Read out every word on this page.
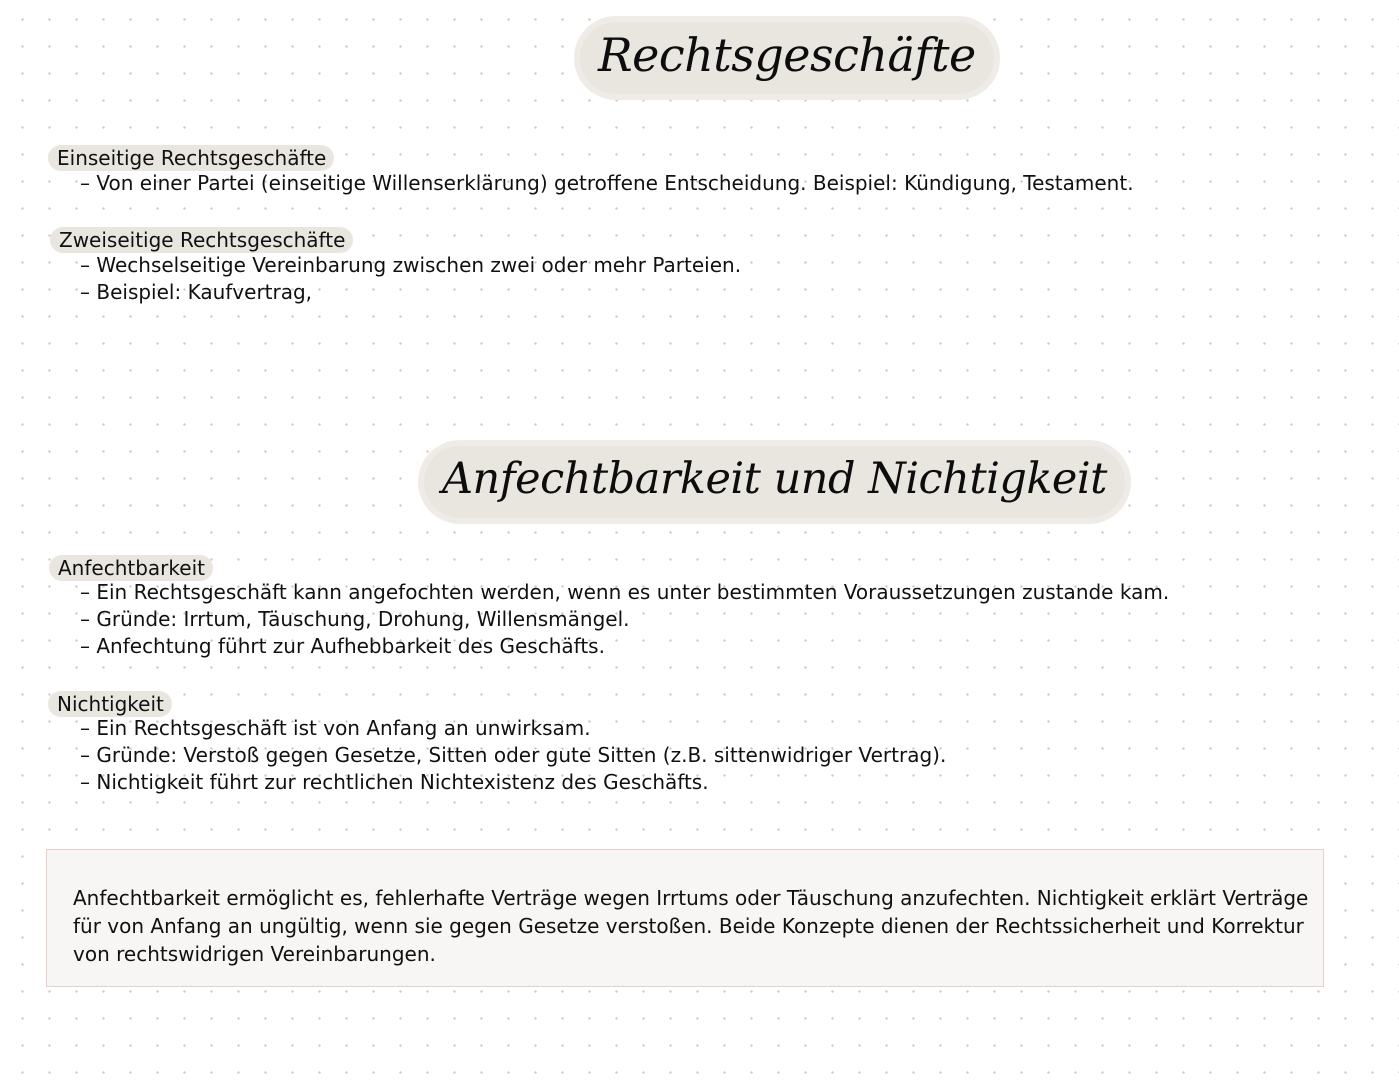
Rechtsgeschäfte
Einseitige Rechtsgeschäfte
– Von einer Partei (einseitige Willenserklärung) getroffene Entscheidung. Beispiel: Kündigung, Testament.
Zweiseitige Rechtsgeschäfte
– Wechselseitige Vereinbarung zwischen zwei oder mehr Parteien.
– Beispiel: Kaufvertrag,
Anfechtbarkeit und Nichtigkeit
Anfechtbarkeit
– Ein Rechtsgeschäft kann angefochten werden, wenn es unter bestimmten Voraussetzungen zustande kam.
– Gründe: Irrtum, Täuschung, Drohung, Willensmängel.
– Anfechtung führt zur Aufhebbarkeit des Geschäfts.
Nichtigkeit
– Ein Rechtsgeschäft ist von Anfang an unwirksam.
– Gründe: Verstoß gegen Gesetze, Sitten oder gute Sitten (z.B. sittenwidriger Vertrag).
– Nichtigkeit führt zur rechtlichen Nichtexistenz des Geschäfts.

Anfechtbarkeit ermöglicht es, fehlerhafte Verträge wegen Irrtums oder Täuschung anzufechten. Nichtigkeit erklärt Verträge für von Anfang an ungültig, wenn sie gegen Gesetze verstoßen. Beide Konzepte dienen der Rechtssicherheit und Korrektur von rechtswidrigen Vereinbarungen.
